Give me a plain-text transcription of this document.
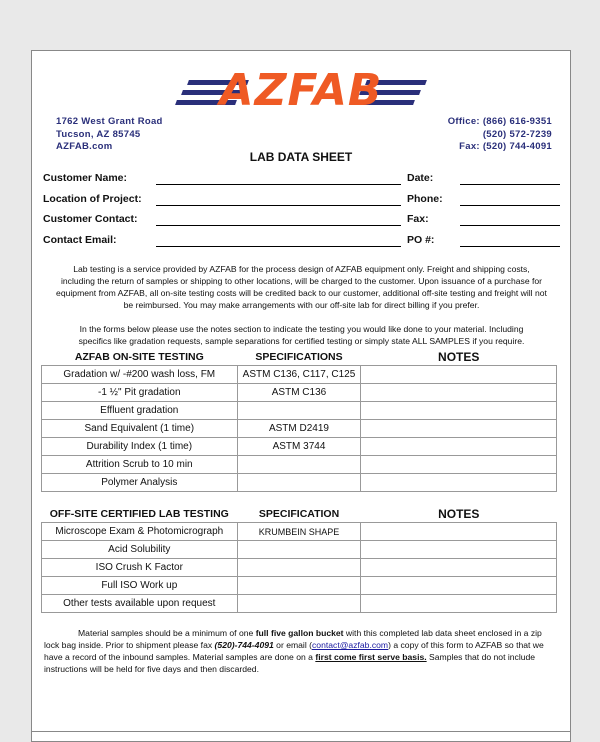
AZFAB
1762 West Grant Road
Tucson, AZ 85745
AZFAB.com
Office: (866) 616-9351
(520) 572-7239
Fax: (520) 744-4091
LAB DATA SHEET
Customer Name:
Location of Project:
Customer Contact:
Contact Email:
Date:
Phone:
Fax:
PO #:
Lab testing is a service provided by AZFAB for the process design of AZFAB equipment only. Freight and shipping costs,
including the return of samples or shipping to other locations, will be charged to the customer. Upon issuance of a purchase for
equipment from AZFAB, all on-site testing costs will be credited back to our customer, additional off-site testing and freight will not
be reimbursed. You may make arrangements with our off-site lab for direct billing if you prefer.
In the forms below please use the notes section to indicate the testing you would like done to your material. Including
specifics like gradation requests, sample separations for certified testing or simply state ALL SAMPLES if you require.
AZFAB ON-SITE TESTING	SPECIFICATIONS	NOTES
Gradation w/ -#200 wash loss, FM	ASTM C136, C117, C125	
-1 ½" Pit gradation	ASTM C136	
Effluent gradation		
Sand Equivalent (1 time)	ASTM D2419	
Durability Index (1 time)	ASTM 3744	
Attrition Scrub to 10 min		
Polymer Analysis		
OFF-SITE CERTIFIED LAB TESTING	SPECIFICATION	NOTES
Microscope Exam & Photomicrograph	KRUMBEIN SHAPE	
Acid Solubility		
ISO Crush K Factor		
Full ISO Work up		
Other tests available upon request		
Material samples should be a minimum of one full five gallon bucket with this completed lab data sheet enclosed in a zip
lock bag inside. Prior to shipment please fax (520)-744-4091 or email (contact@azfab.com) a copy of this form to AZFAB so that we
have a record of the inbound samples. Material samples are done on a first come first serve basis. Samples that do not include
instructions will be held for five days and then discarded.
